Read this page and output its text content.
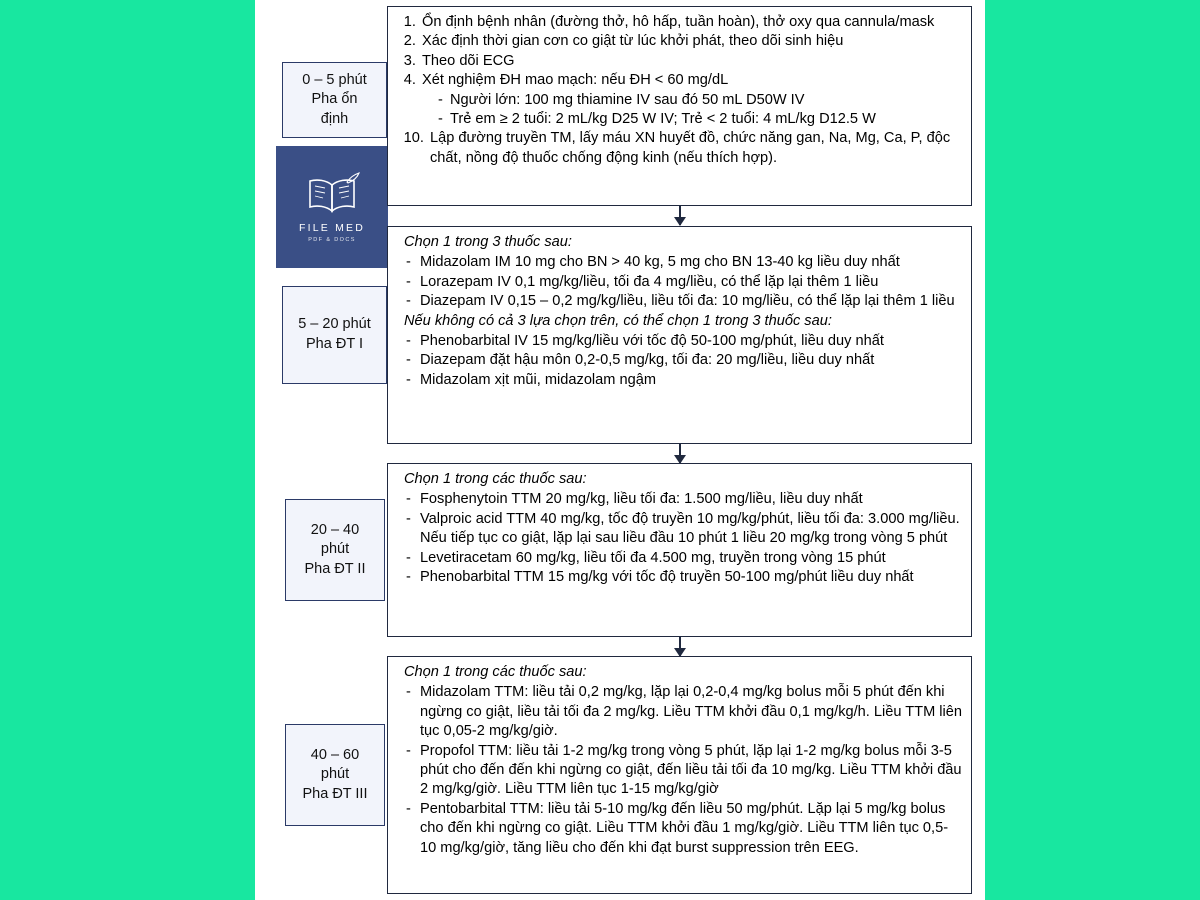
FILE MED
PDF & DOCS
0 – 5 phút
Pha ổn
định
5 – 20 phút
Pha ĐT I
20 – 40
phút
Pha ĐT II
40 – 60
phút
Pha ĐT III
1. Ổn định bệnh nhân (đường thở, hô hấp, tuần hoàn), thở oxy qua cannula/mask
2. Xác định thời gian cơn co giật từ lúc khởi phát, theo dõi sinh hiệu
3. Theo dõi ECG
4. Xét nghiệm ĐH mao mạch: nếu ĐH < 60 mg/dL
- Người lớn: 100 mg thiamine IV sau đó 50 mL D50W IV
- Trẻ em ≥ 2 tuổi: 2 mL/kg D25 W IV; Trẻ < 2 tuổi: 4 mL/kg D12.5 W
10. Lập đường truyền TM, lấy máu XN huyết đồ, chức năng gan, Na, Mg, Ca, P, độc chất, nồng độ thuốc chống động kinh (nếu thích hợp).
Chọn 1 trong 3 thuốc sau:
- Midazolam IM 10 mg cho BN > 40 kg, 5 mg cho BN 13-40 kg liều duy nhất
- Lorazepam IV 0,1 mg/kg/liều, tối đa 4 mg/liều, có thể lặp lại thêm 1 liều
- Diazepam IV 0,15 – 0,2 mg/kg/liều, liều tối đa: 10 mg/liều, có thể lặp lại thêm 1 liều
Nếu không có cả 3 lựa chọn trên, có thể chọn 1 trong 3 thuốc sau:
- Phenobarbital IV 15 mg/kg/liều với tốc độ 50-100 mg/phút, liều duy nhất
- Diazepam đặt hậu môn 0,2-0,5 mg/kg, tối đa: 20 mg/liều, liều duy nhất
- Midazolam xịt mũi, midazolam ngậm
Chọn 1 trong các thuốc sau:
- Fosphenytoin TTM 20 mg/kg, liều tối đa: 1.500 mg/liều, liều duy nhất
- Valproic acid TTM 40 mg/kg, tốc độ truyền 10 mg/kg/phút, liều tối đa: 3.000 mg/liều. Nếu tiếp tục co giật, lặp lại sau liều đầu 10 phút 1 liều 20 mg/kg trong vòng 5 phút
- Levetiracetam 60 mg/kg, liều tối đa 4.500 mg, truyền trong vòng 15 phút
- Phenobarbital TTM 15 mg/kg với tốc độ truyền 50-100 mg/phút liều duy nhất
Chọn 1 trong các thuốc sau:
- Midazolam TTM: liều tải 0,2 mg/kg, lặp lại 0,2-0,4 mg/kg bolus mỗi 5 phút đến khi ngừng co giật, liều tải tối đa 2 mg/kg. Liều TTM khởi đầu 0,1 mg/kg/h. Liều TTM liên tục 0,05-2 mg/kg/giờ.
- Propofol TTM: liều tải 1-2 mg/kg trong vòng 5 phút, lặp lại 1-2 mg/kg bolus mỗi 3-5 phút cho đến đến khi ngừng co giật, đến liều tải tối đa 10 mg/kg. Liều TTM khởi đầu 2 mg/kg/giờ. Liều TTM liên tục 1-15 mg/kg/giờ
- Pentobarbital TTM: liều tải 5-10 mg/kg đến liều 50 mg/phút. Lặp lại 5 mg/kg bolus cho đến khi ngừng co giật. Liều TTM khởi đầu 1 mg/kg/giờ. Liều TTM liên tục 0,5-10 mg/kg/giờ, tăng liều cho đến khi đạt burst suppression trên EEG.
